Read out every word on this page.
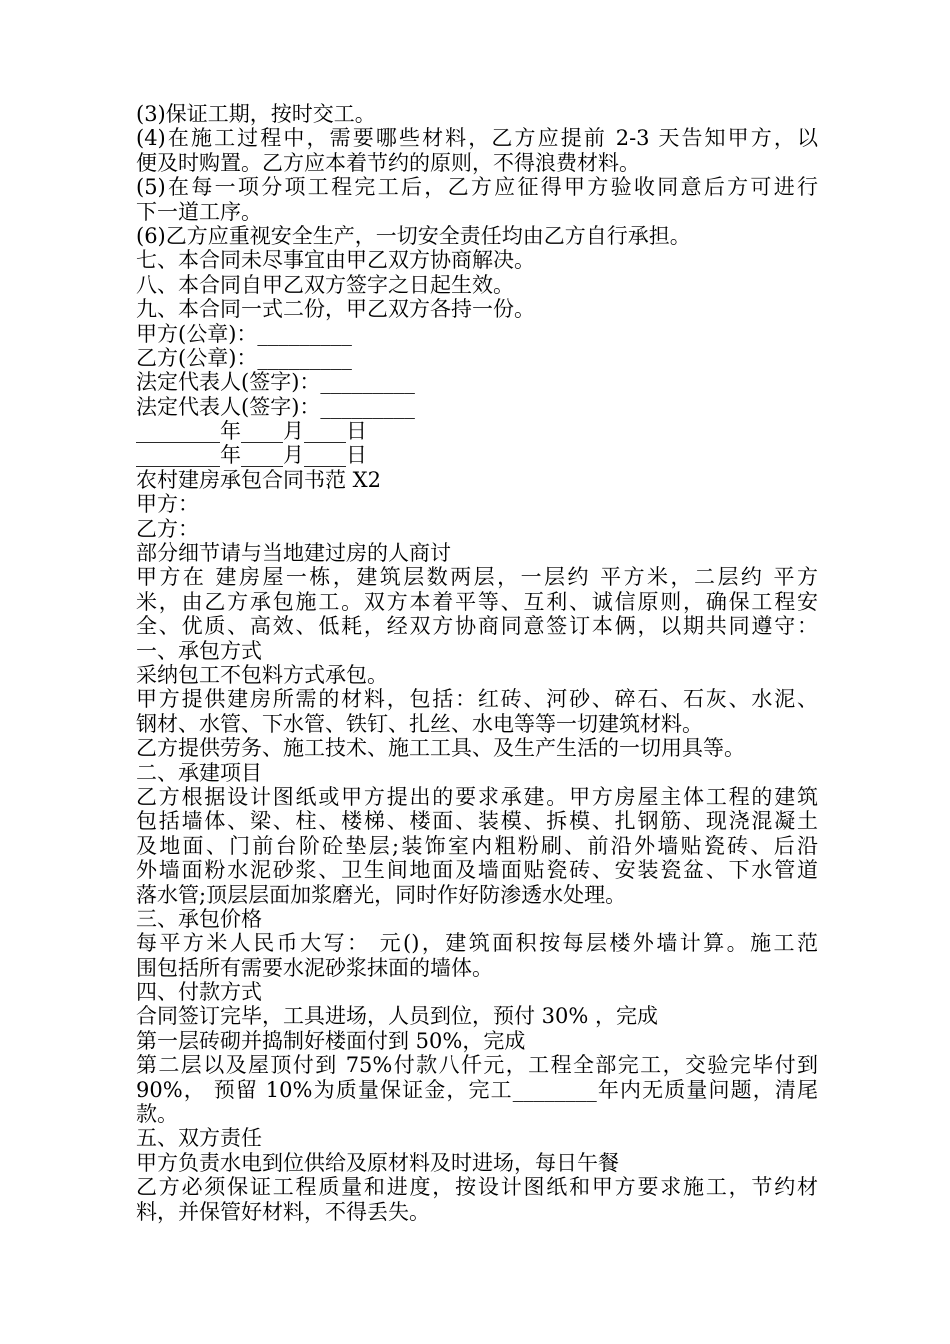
(3)保证工期，按时交工。
(4)在施工过程中，需要哪些材料，乙方应提前 2-3 天告知甲方，以
便及时购置。乙方应本着节约的原则，不得浪费材料。
(5)在每一项分项工程完工后，乙方应征得甲方验收同意后方可进行
下一道工序。
(6)乙方应重视安全生产，一切安全责任均由乙方自行承担。
七、本合同未尽事宜由甲乙双方协商解决。
八、本合同自甲乙双方签字之日起生效。
九、本合同一式二份，甲乙双方各持一份。
甲方(公章)：_________
乙方(公章)：_________
法定代表人(签字)：_________
法定代表人(签字)：_________
________年____月____日
________年____月____日
农村建房承包合同书范 X2
甲方：
乙方：
部分细节请与当地建过房的人商讨
甲方在 建房屋一栋，建筑层数两层，一层约 平方米，二层约 平方
米，由乙方承包施工。双方本着平等、互利、诚信原则，确保工程安
全、优质、高效、低耗，经双方协商同意签订本俩，以期共同遵守：
一、承包方式
采纳包工不包料方式承包。
甲方提供建房所需的材料，包括：红砖、河砂、碎石、石灰、水泥、
钢材、水管、下水管、铁钉、扎丝、水电等等一切建筑材料。
乙方提供劳务、施工技术、施工工具、及生产生活的一切用具等。
二、承建项目
乙方根据设计图纸或甲方提出的要求承建。甲方房屋主体工程的建筑
包括墙体、梁、柱、楼梯、楼面、装模、拆模、扎钢筋、现浇混凝土
及地面、门前台阶砼垫层;装饰室内粗粉刷、前沿外墙贴瓷砖、后沿
外墙面粉水泥砂浆、卫生间地面及墙面贴瓷砖、安装瓷盆、下水管道
落水管;顶层层面加浆磨光，同时作好防渗透水处理。
三、承包价格
每平方米人民币大写： 元()，建筑面积按每层楼外墙计算。施工范
围包括所有需要水泥砂浆抹面的墙体。
四、付款方式
合同签订完毕，工具进场，人员到位，预付 30% ，完成
第一层砖砌并捣制好楼面付到 50%，完成
第二层以及屋顶付到 75%付款八仟元，工程全部完工，交验完毕付到
90%， 预留 10%为质量保证金，完工________年内无质量问题，清尾
款。
五、双方责任
甲方负责水电到位供给及原材料及时进场，每日午餐
乙方必须保证工程质量和进度，按设计图纸和甲方要求施工，节约材
料，并保管好材料，不得丢失。
